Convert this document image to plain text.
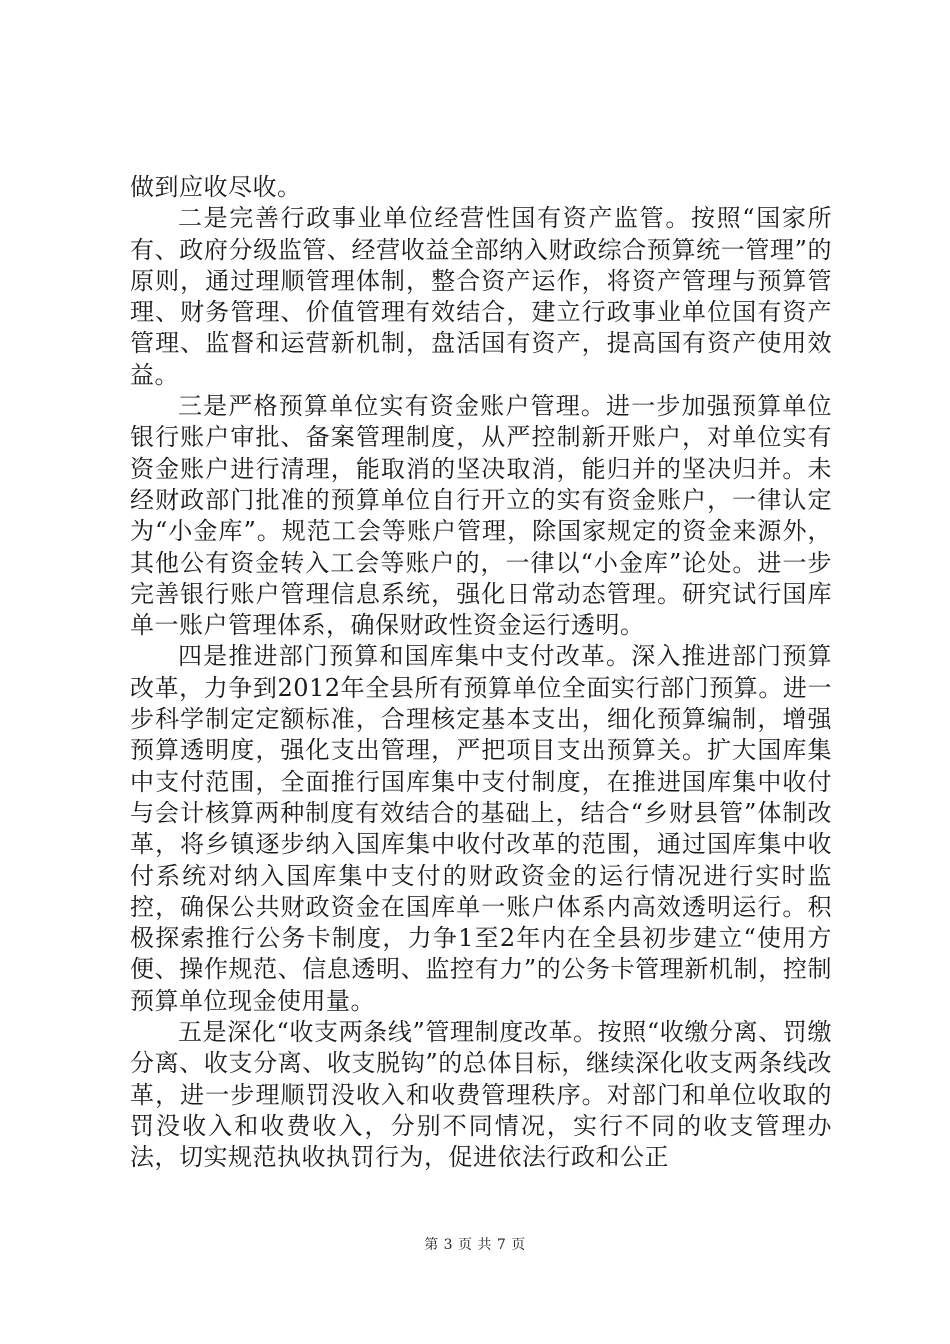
做到应收尽收。

二是完善行政事业单位经营性国有资产监管。按照“国家所有、政府分级监管、经营收益全部纳入财政综合预算统一管理”的原则，通过理顺管理体制，整合资产运作，将资产管理与预算管理、财务管理、价值管理有效结合，建立行政事业单位国有资产管理、监督和运营新机制，盘活国有资产，提高国有资产使用效益。

三是严格预算单位实有资金账户管理。进一步加强预算单位银行账户审批、备案管理制度，从严控制新开账户，对单位实有资金账户进行清理，能取消的坚决取消，能归并的坚决归并。未经财政部门批准的预算单位自行开立的实有资金账户，一律认定为“小金库”。规范工会等账户管理，除国家规定的资金来源外，其他公有资金转入工会等账户的，一律以“小金库”论处。进一步完善银行账户管理信息系统，强化日常动态管理。研究试行国库单一账户管理体系，确保财政性资金运行透明。

四是推进部门预算和国库集中支付改革。深入推进部门预算改革，力争到2012年全县所有预算单位全面实行部门预算。进一步科学制定定额标准，合理核定基本支出，细化预算编制，增强预算透明度，强化支出管理，严把项目支出预算关。扩大国库集中支付范围，全面推行国库集中支付制度，在推进国库集中收付与会计核算两种制度有效结合的基础上，结合“乡财县管”体制改革，将乡镇逐步纳入国库集中收付改革的范围，通过国库集中收付系统对纳入国库集中支付的财政资金的运行情况进行实时监控，确保公共财政资金在国库单一账户体系内高效透明运行。积极探索推行公务卡制度，力争1至2年内在全县初步建立“使用方便、操作规范、信息透明、监控有力”的公务卡管理新机制，控制预算单位现金使用量。

五是深化“收支两条线”管理制度改革。按照“收缴分离、罚缴分离、收支分离、收支脱钩”的总体目标，继续深化收支两条线改革，进一步理顺罚没收入和收费管理秩序。对部门和单位收取的罚没收入和收费收入，分别不同情况，实行不同的收支管理办法，切实规范执收执罚行为，促进依法行政和公正

第 3 页 共 7 页
